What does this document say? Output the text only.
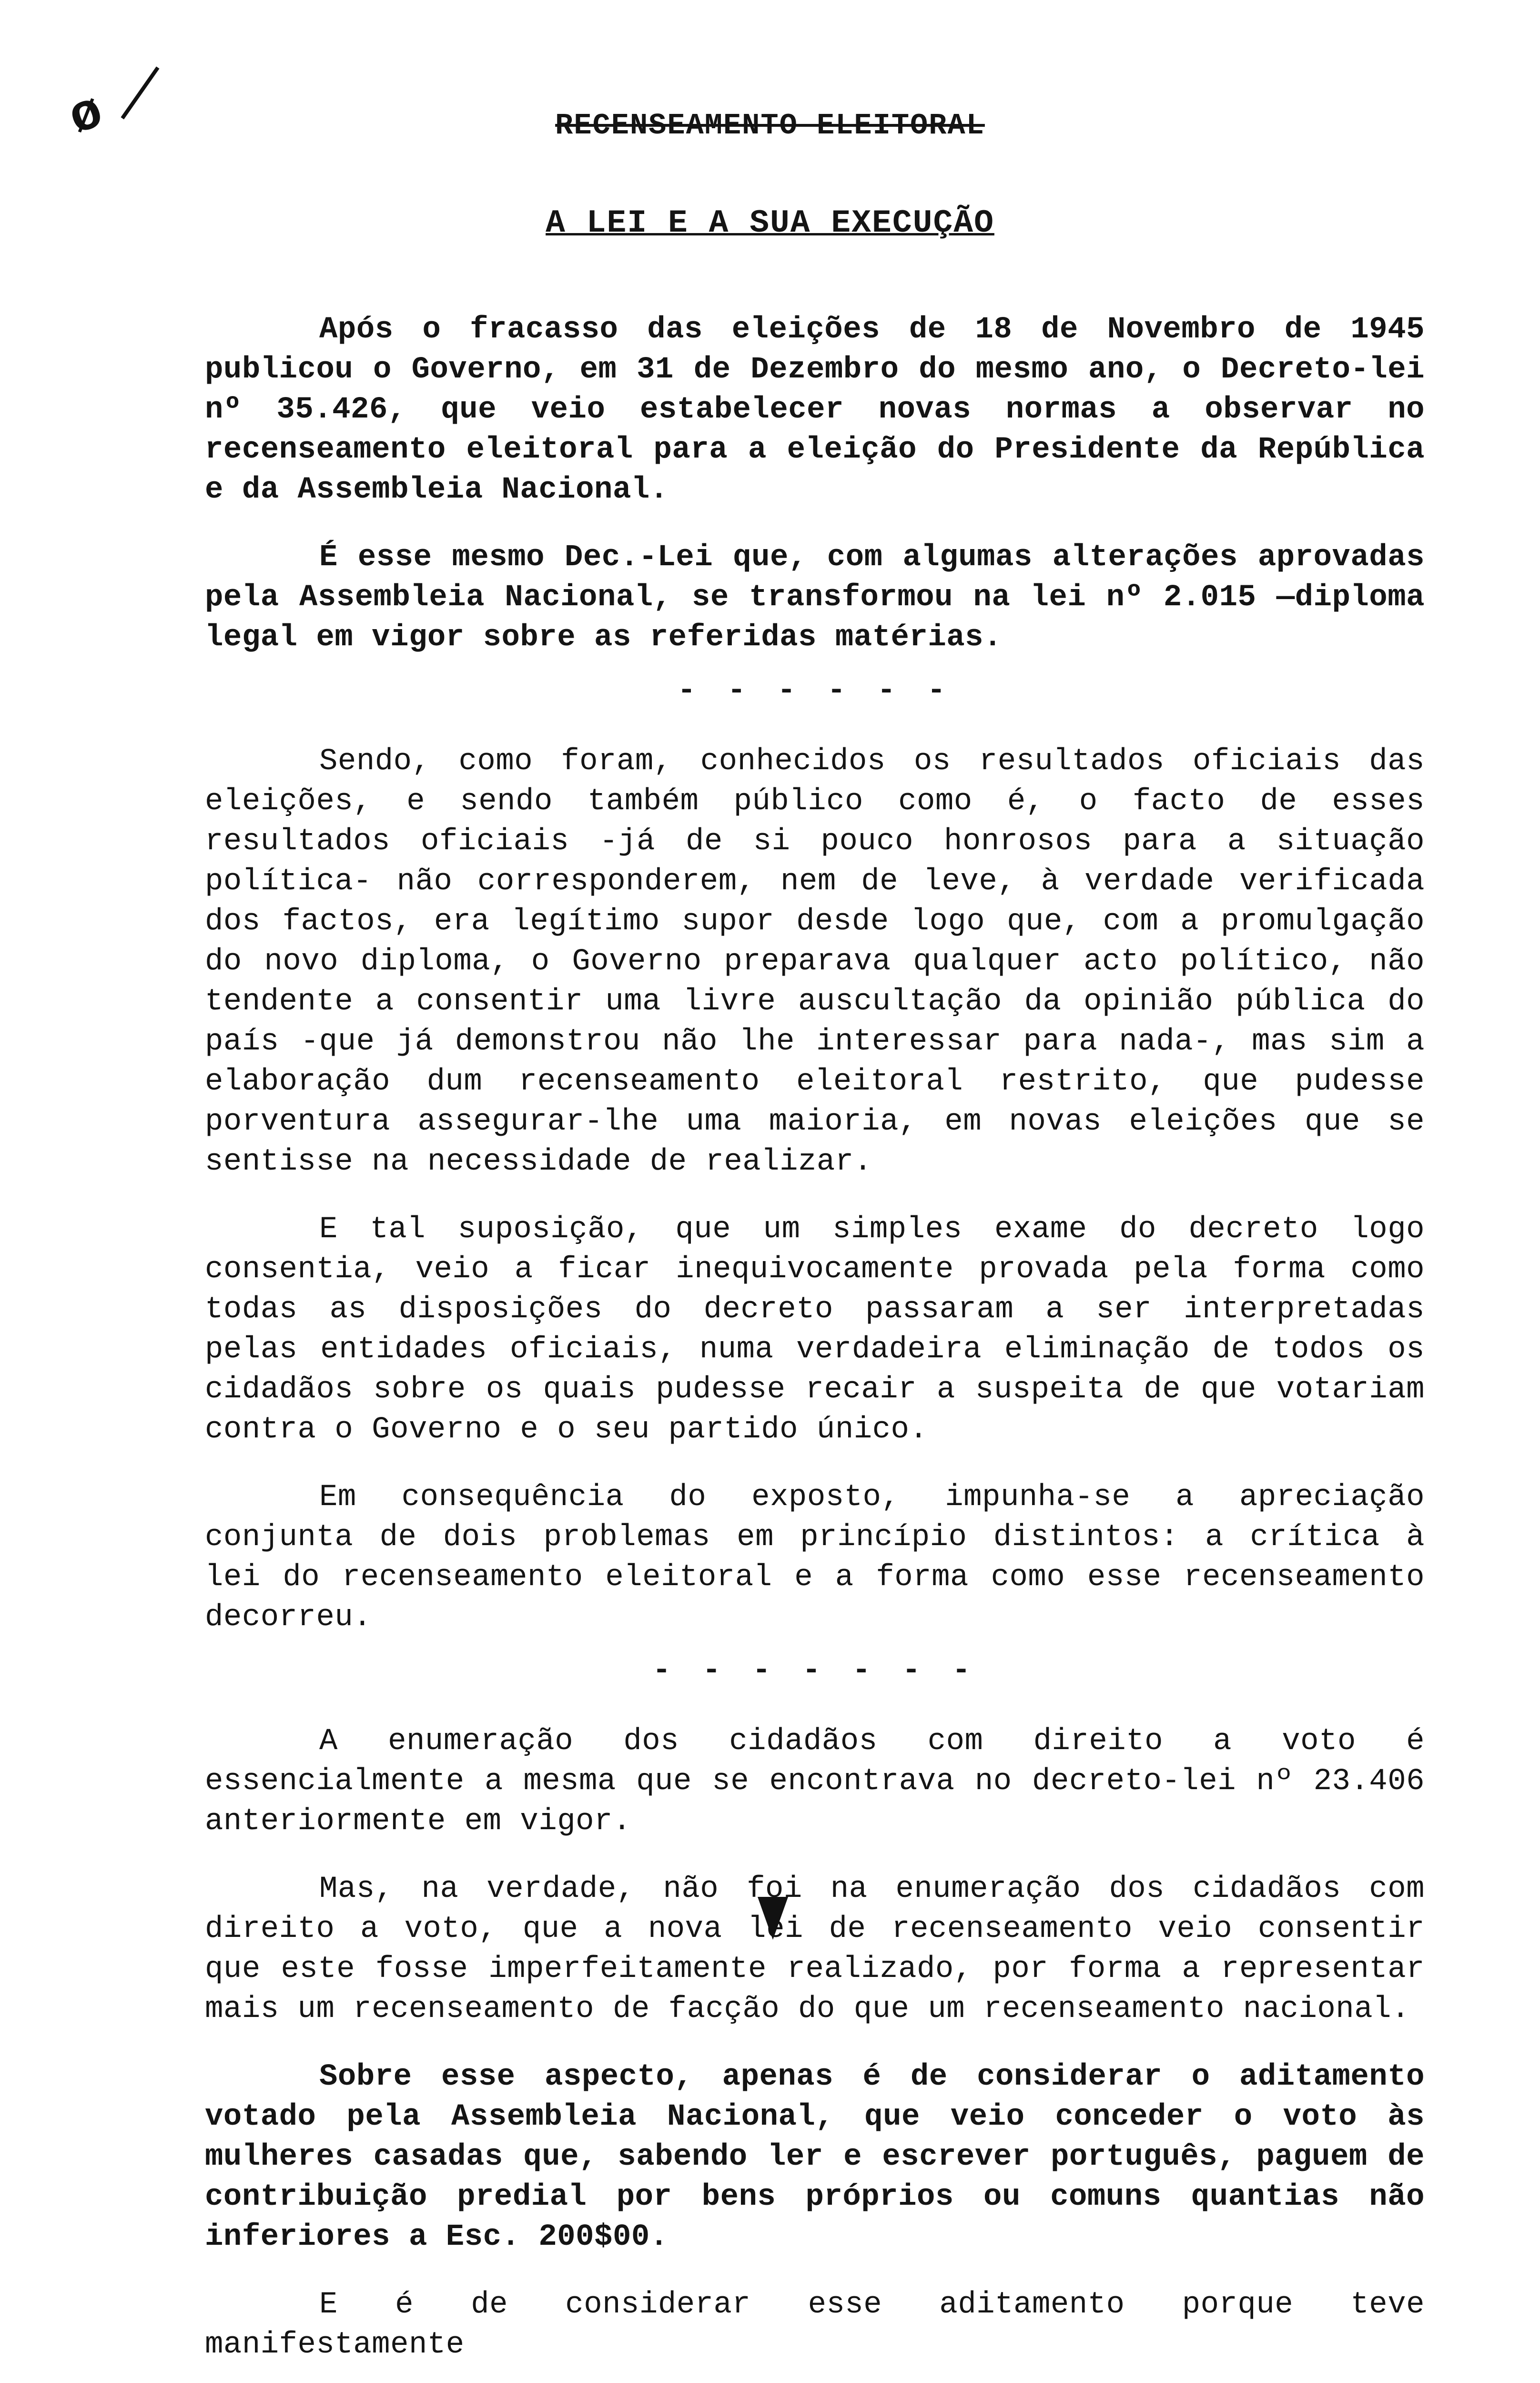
ø	RECENSEAMENTO ELEITORAL
A LEI E A SUA EXECUÇÃO

Após o fracasso das eleições de 18 de Novembro de 1945 publicou o Governo, em 31 de Dezembro do mesmo ano, o Decreto-lei nº 35.426, que veio estabelecer novas normas a observar no recenseamento eleitoral para a eleição do Presidente da República e da Assembleia Nacional.

É esse mesmo Dec.-Lei que, com algumas alterações aprovadas pela Assembleia Nacional, se transformou na lei nº 2.015 —diploma legal em vigor sobre as referidas matérias.

- - - - - -

Sendo, como foram, conhecidos os resultados oficiais das eleições, e sendo também público como é, o facto de esses resultados oficiais -já de si pouco honrosos para a situação política- não corresponderem, nem de leve, à verdade verificada dos factos, era legítimo supor desde logo que, com a promulgação do novo diploma, o Governo preparava qualquer acto político, não tendente a consentir uma livre auscultação da opinião pública do país -que já demonstrou não lhe interessar para nada-, mas sim a elaboração dum recenseamento eleitoral restrito, que pudesse porventura assegurar-lhe uma maioria, em novas eleições que se sentisse na necessidade de realizar.

E tal suposição, que um simples exame do decreto logo consentia, veio a ficar inequivocamente provada pela forma como todas as disposições do decreto passaram a ser interpretadas pelas entidades oficiais, numa verdadeira eliminação de todos os cidadãos sobre os quais pudesse recair a suspeita de que votariam contra o Governo e o seu partido único.

Em consequência do exposto, impunha-se a apreciação conjunta de dois problemas em princípio distintos: a crítica à lei do recenseamento eleitoral e a forma como esse recenseamento decorreu.

- - - - - - -

A enumeração dos cidadãos com direito a voto é essencialmente a mesma que se encontrava no decreto-lei nº 23.406 anteriormente em vigor.

Mas, na verdade, não foi na enumeração dos cidadãos com direito a voto, que a nova lei de recenseamento veio consentir que este fosse imperfeitamente realizado, por forma a representar mais um recenseamento de facção do que um recenseamento nacional.

Sobre esse aspecto, apenas é de considerar o aditamento votado pela Assembleia Nacional, que veio conceder o voto às mulheres casadas que, sabendo ler e escrever português, paguem de contribuição predial por bens próprios ou comuns quantias não inferiores a Esc. 200$00.

E é de considerar esse aditamento porque teve manifestamente
